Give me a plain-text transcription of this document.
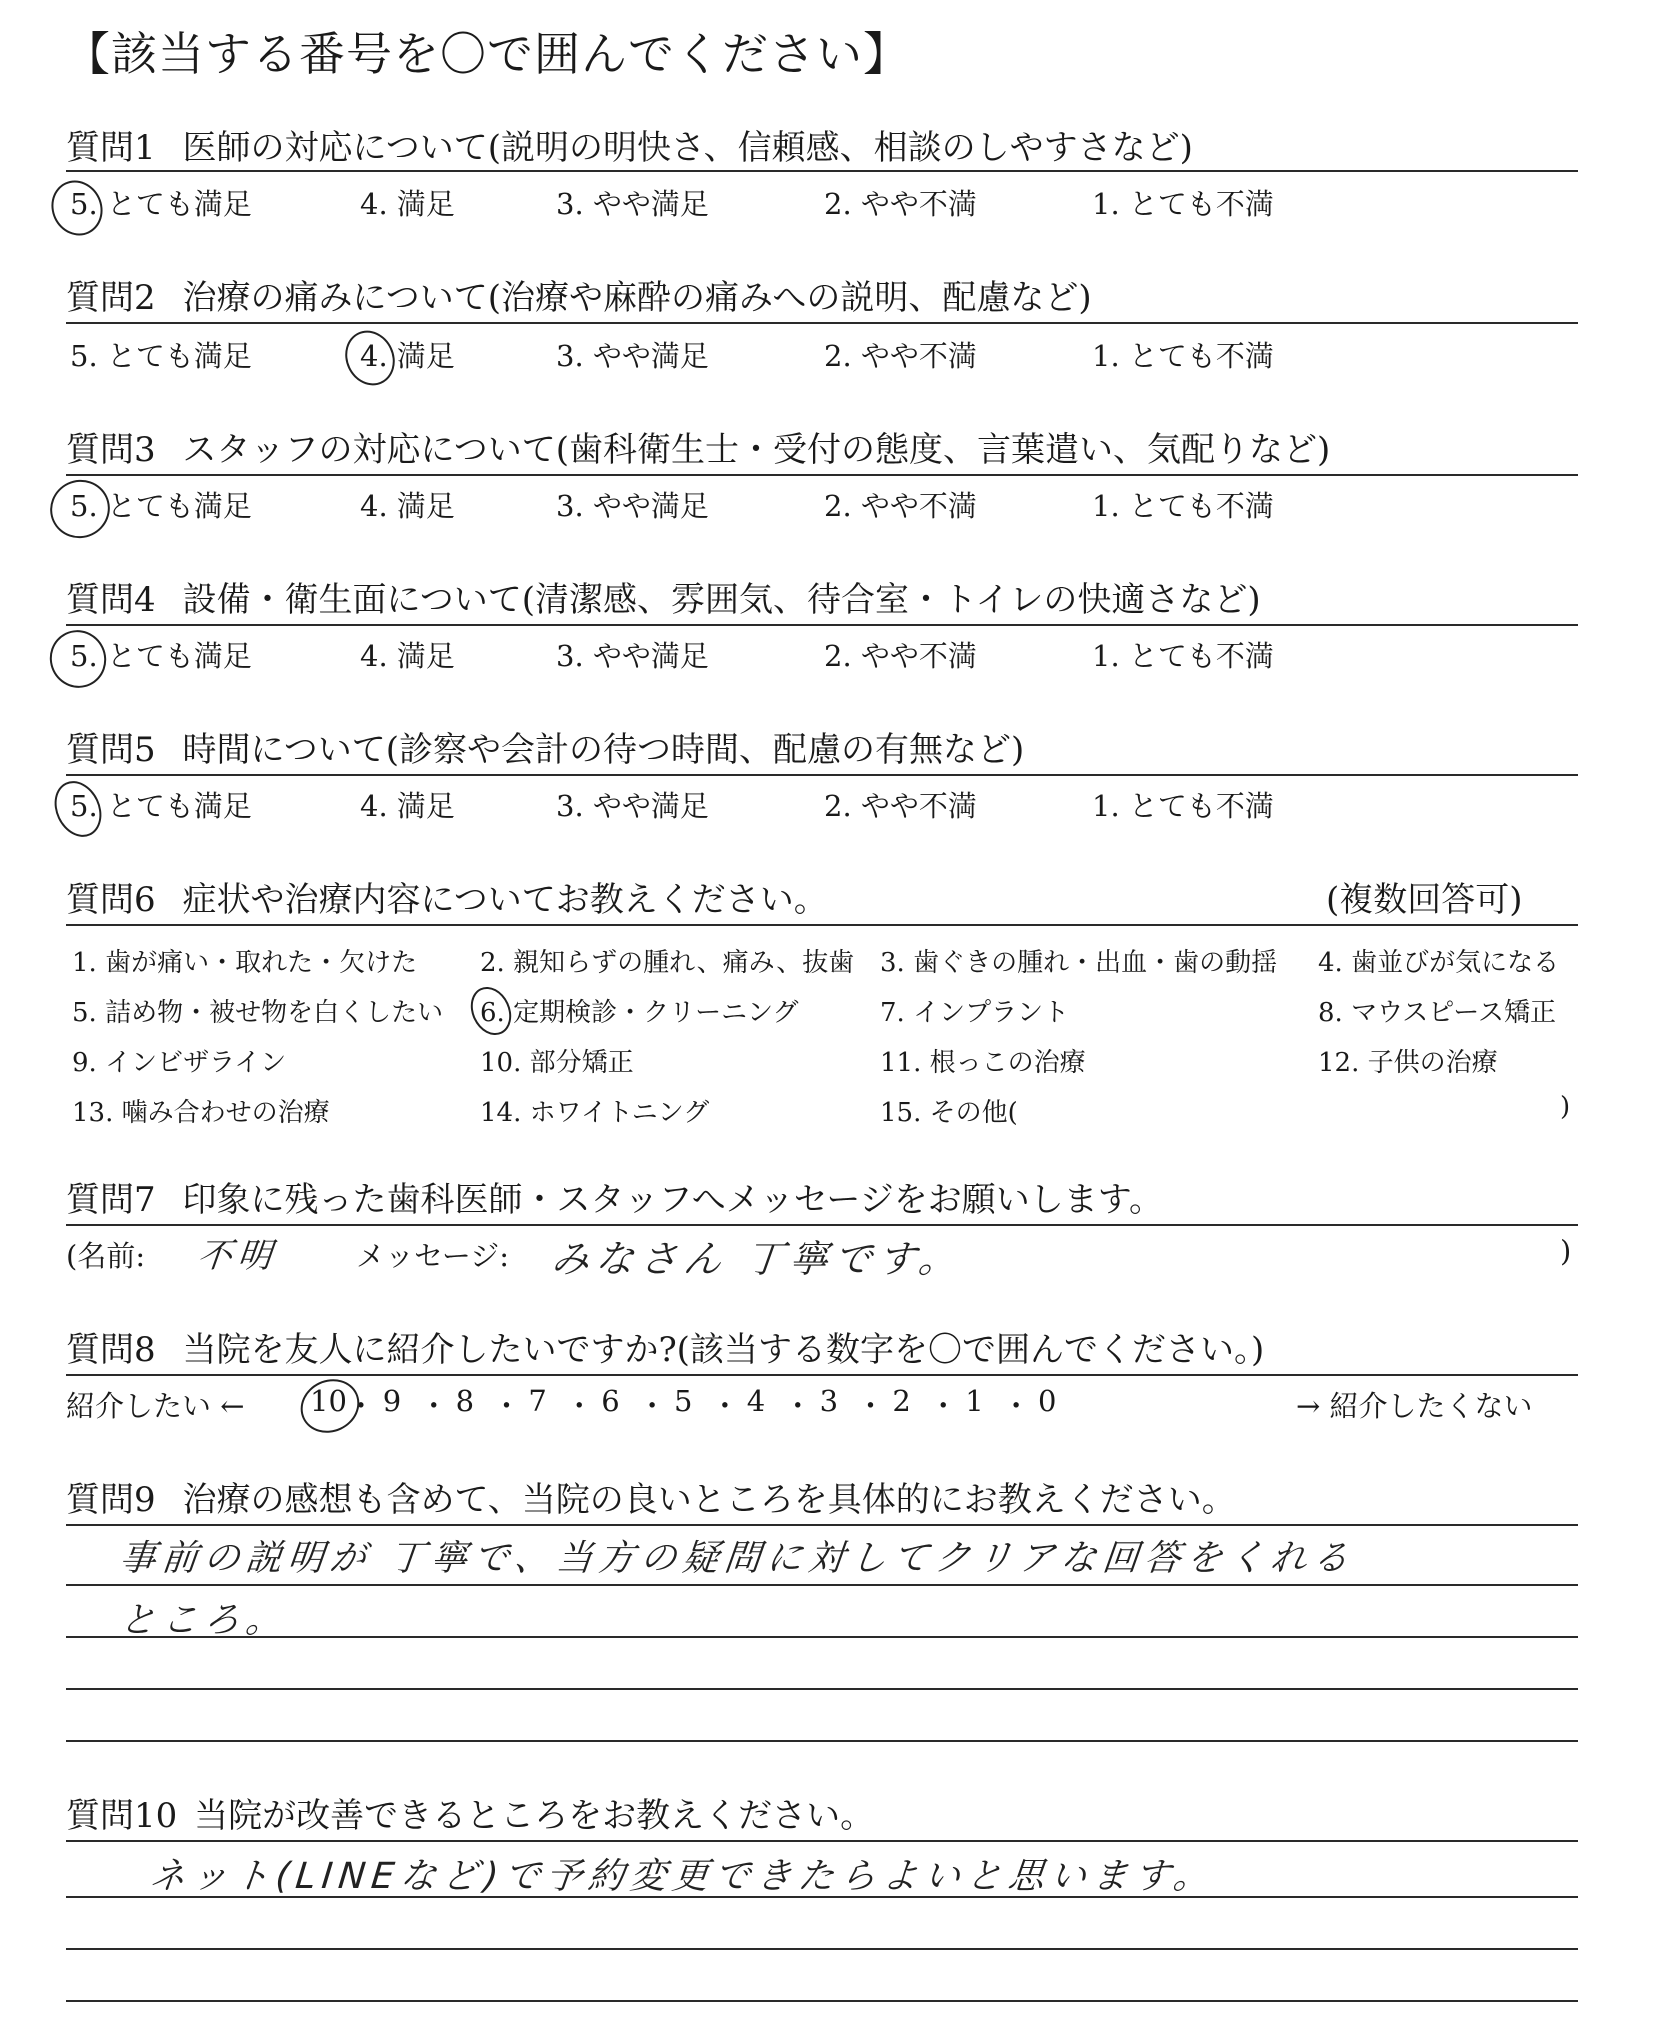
【該当する番号を〇で囲んでください】
質問1 医師の対応について(説明の明快さ、信頼感、相談のしやすさなど)
5. とても満足	4. 満足	3. やや満足	2. やや不満	1. とても不満
質問2 治療の痛みについて(治療や麻酔の痛みへの説明、配慮など)
5. とても満足	4. 満足	3. やや満足	2. やや不満	1. とても不満
質問3 スタッフの対応について(歯科衛生士・受付の態度、言葉遣い、気配りなど)
5. とても満足	4. 満足	3. やや満足	2. やや不満	1. とても不満
質問4 設備・衛生面について(清潔感、雰囲気、待合室・トイレの快適さなど)
5. とても満足	4. 満足	3. やや満足	2. やや不満	1. とても不満
質問5 時間について(診察や会計の待つ時間、配慮の有無など)
5. とても満足	4. 満足	3. やや満足	2. やや不満	1. とても不満
質問6 症状や治療内容についてお教えください。	(複数回答可)
1. 歯が痛い・取れた・欠けた 2. 親知らずの腫れ、痛み、抜歯 3. 歯ぐきの腫れ・出血・歯の動揺 4. 歯並びが気になる
5. 詰め物・被せ物を白くしたい 6. 定期検診・クリーニング	7. インプラント	8. マウスピース矯正
9. インビザライン	10. 部分矯正	11. 根っこの治療	12. 子供の治療
13. 噛み合わせの治療	14. ホワイトニング	15. その他(	)
質問7 印象に残った歯科医師・スタッフへメッセージをお願いします。
(名前: 不明	メッセージ: みなさん 丁寧です。	)
質問8 当院を友人に紹介したいですか?(該当する数字を〇で囲んでください。)
紹介したい ←	→ 紹介したくない
10 ・ 9 ・ 8 ・ 7 ・ 6 ・ 5 ・ 4 ・ 3 ・ 2 ・ 1 ・ 0
質問9 治療の感想も含めて、当院の良いところを具体的にお教えください。
事前の説明が 丁寧で、当方の疑問に対してクリアな回答をくれる
ところ。
質問10 当院が改善できるところをお教えください。
ネット(LINEなど)で予約変更できたらよいと思います。
